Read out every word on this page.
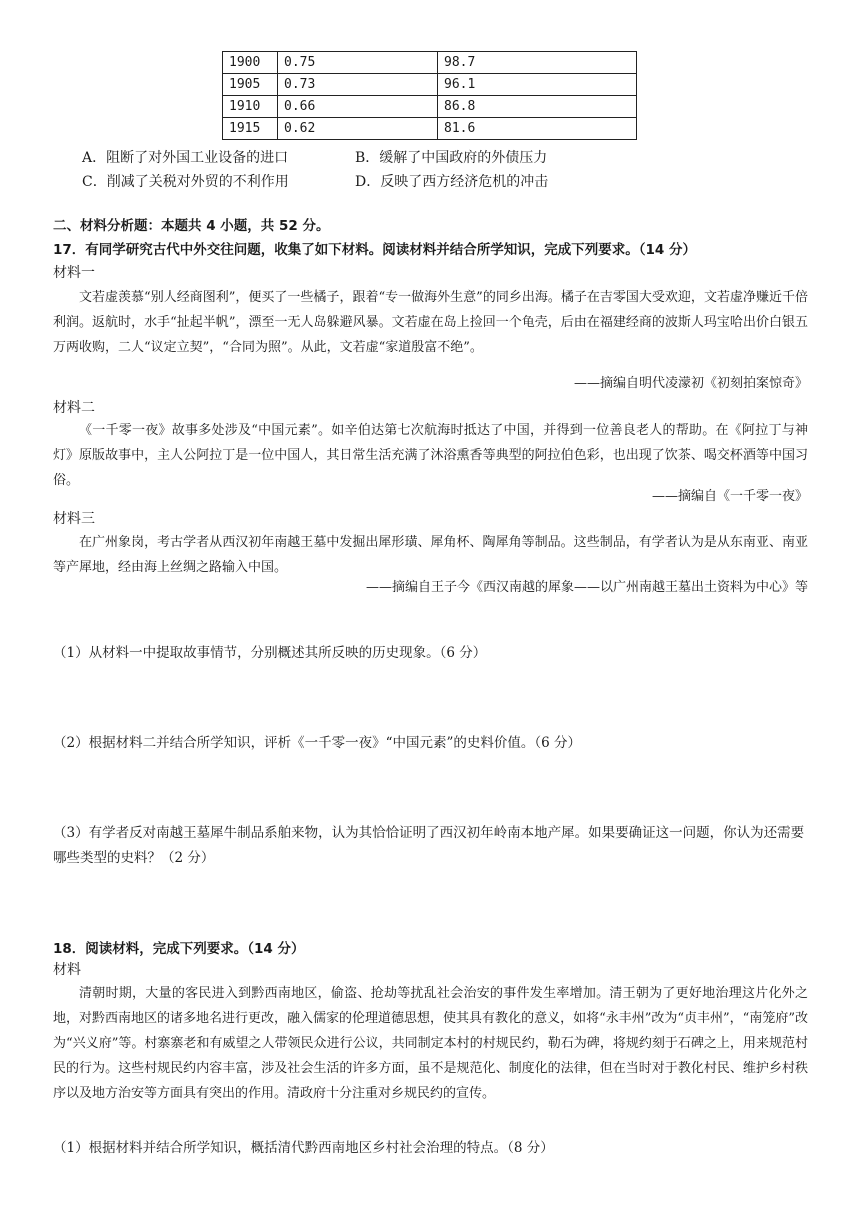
1900	0.75	98.7
1905	0.73	96.1
1910	0.66	86.8
1915	0.62	81.6
A．阻断了对外国工业设备的进口	B．缓解了中国政府的外债压力
C．削减了关税对外贸的不利作用	D．反映了西方经济危机的冲击
二、材料分析题：本题共 4 小题，共 52 分。
17．有同学研究古代中外交往问题，收集了如下材料。阅读材料并结合所学知识，完成下列要求。（14 分）
材料一
文若虚羡慕“别人经商图利”，便买了一些橘子，跟着“专一做海外生意”的同乡出海。橘子在吉零国大受欢迎，文若虚净赚近千倍利润。返航时，水手“扯起半帆”，漂至一无人岛躲避风暴。文若虚在岛上捡回一个龟壳，后由在福建经商的波斯人玛宝哈出价白银五万两收购，二人“议定立契”，“合同为照”。从此，文若虚“家道殷富不绝”。
——摘编自明代凌濛初《初刻拍案惊奇》
材料二
《一千零一夜》故事多处涉及“中国元素”。如辛伯达第七次航海时抵达了中国，并得到一位善良老人的帮助。在《阿拉丁与神灯》原版故事中，主人公阿拉丁是一位中国人，其日常生活充满了沐浴熏香等典型的阿拉伯色彩，也出现了饮茶、喝交杯酒等中国习俗。
——摘编自《一千零一夜》
材料三
在广州象岗，考古学者从西汉初年南越王墓中发掘出犀形璜、犀角杯、陶犀角等制品。这些制品，有学者认为是从东南亚、南亚等产犀地，经由海上丝绸之路输入中国。
——摘编自王子今《西汉南越的犀象——以广州南越王墓出土资料为中心》等
（1）从材料一中提取故事情节，分别概述其所反映的历史现象。（6 分）
（2）根据材料二并结合所学知识，评析《一千零一夜》“中国元素”的史料价值。（6 分）
（3）有学者反对南越王墓犀牛制品系舶来物，认为其恰恰证明了西汉初年岭南本地产犀。如果要确证这一问题，你认为还需要哪些类型的史料？（2 分）
18．阅读材料，完成下列要求。（14 分）
材料
清朝时期，大量的客民进入到黔西南地区，偷盗、抢劫等扰乱社会治安的事件发生率增加。清王朝为了更好地治理这片化外之地，对黔西南地区的诸多地名进行更改，融入儒家的伦理道德思想，使其具有教化的意义，如将“永丰州”改为“贞丰州”，“南笼府”改为“兴义府”等。村寨寨老和有威望之人带领民众进行公议，共同制定本村的村规民约，勒石为碑，将规约刻于石碑之上，用来规范村民的行为。这些村规民约内容丰富，涉及社会生活的许多方面，虽不是规范化、制度化的法律，但在当时对于教化村民、维护乡村秩序以及地方治安等方面具有突出的作用。清政府十分注重对乡规民约的宣传。
（1）根据材料并结合所学知识，概括清代黔西南地区乡村社会治理的特点。（8 分）
